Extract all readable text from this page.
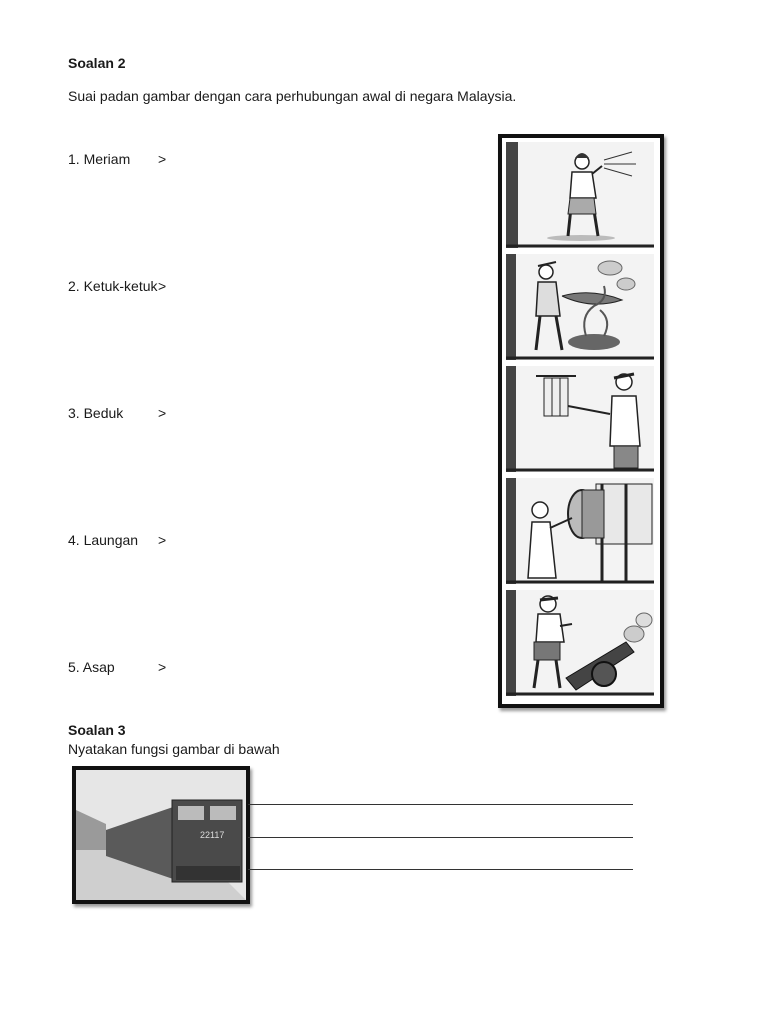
Soalan 2
Suai padan gambar dengan cara perhubungan awal di negara Malaysia.
1. Meriam >
2. Ketuk-ketuk >
3. Beduk >
4. Laungan >
5. Asap	>
Soalan 3
Nyatakan fungsi gambar di bawah
22117
